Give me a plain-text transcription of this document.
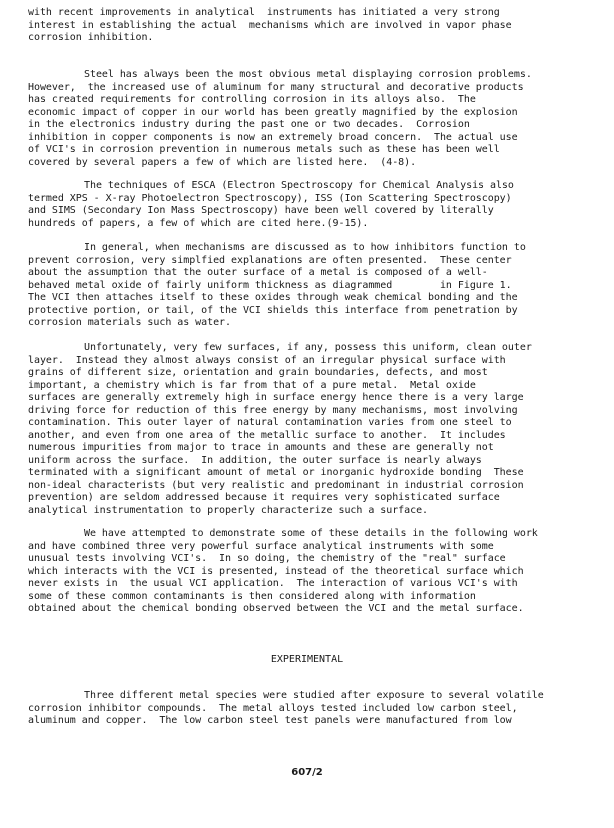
with recent improvements in analytical  instruments has initiated a very strong
interest in establishing the actual  mechanisms which are involved in vapor phase
corrosion inhibition.
Steel has always been the most obvious metal displaying corrosion problems.
However,  the increased use of aluminum for many structural and decorative products
has created requirements for controlling corrosion in its alloys also.  The
economic impact of copper in our world has been greatly magnified by the explosion
in the electronics industry during the past one or two decades.  Corrosion
inhibition in copper components is now an extremely broad concern.  The actual use
of VCI's in corrosion prevention in numerous metals such as these has been well
covered by several papers a few of which are listed here.  (4-8).
The techniques of ESCA (Electron Spectroscopy for Chemical Analysis also
termed XPS - X-ray Photoelectron Spectroscopy), ISS (Ion Scattering Spectroscopy)
and SIMS (Secondary Ion Mass Spectroscopy) have been well covered by literally
hundreds of papers, a few of which are cited here.(9-15).
In general, when mechanisms are discussed as to how inhibitors function to
prevent corrosion, very simplfied explanations are often presented.  These center
about the assumption that the outer surface of a metal is composed of a well-
behaved metal oxide of fairly uniform thickness as diagrammed        in Figure 1.
The VCI then attaches itself to these oxides through weak chemical bonding and the
protective portion, or tail, of the VCI shields this interface from penetration by
corrosion materials such as water.
Unfortunately, very few surfaces, if any, possess this uniform, clean outer
layer.  Instead they almost always consist of an irregular physical surface with
grains of different size, orientation and grain boundaries, defects, and most
important, a chemistry which is far from that of a pure metal.  Metal oxide
surfaces are generally extremely high in surface energy hence there is a very large
driving force for reduction of this free energy by many mechanisms, most involving
contamination. This outer layer of natural contamination varies from one steel to
another, and even from one area of the metallic surface to another.  It includes
numerous impurities from major to trace in amounts and these are generally not
uniform across the surface.  In addition, the outer surface is nearly always
terminated with a significant amount of metal or inorganic hydroxide bonding  These
non-ideal characterists (but very realistic and predominant in industrial corrosion
prevention) are seldom addressed because it requires very sophisticated surface
analytical instrumentation to properly characterize such a surface.
We have attempted to demonstrate some of these details in the following work
and have combined three very powerful surface analytical instruments with some
unusual tests involving VCI's.  In so doing, the chemistry of the "real" surface
which interacts with the VCI is presented, instead of the theoretical surface which
never exists in  the usual VCI application.  The interaction of various VCI's with
some of these common contaminants is then considered along with information
obtained about the chemical bonding observed between the VCI and the metal surface.
EXPERIMENTAL
Three different metal species were studied after exposure to several volatile
corrosion inhibitor compounds.  The metal alloys tested included low carbon steel,
aluminum and copper.  The low carbon steel test panels were manufactured from low
607/2
